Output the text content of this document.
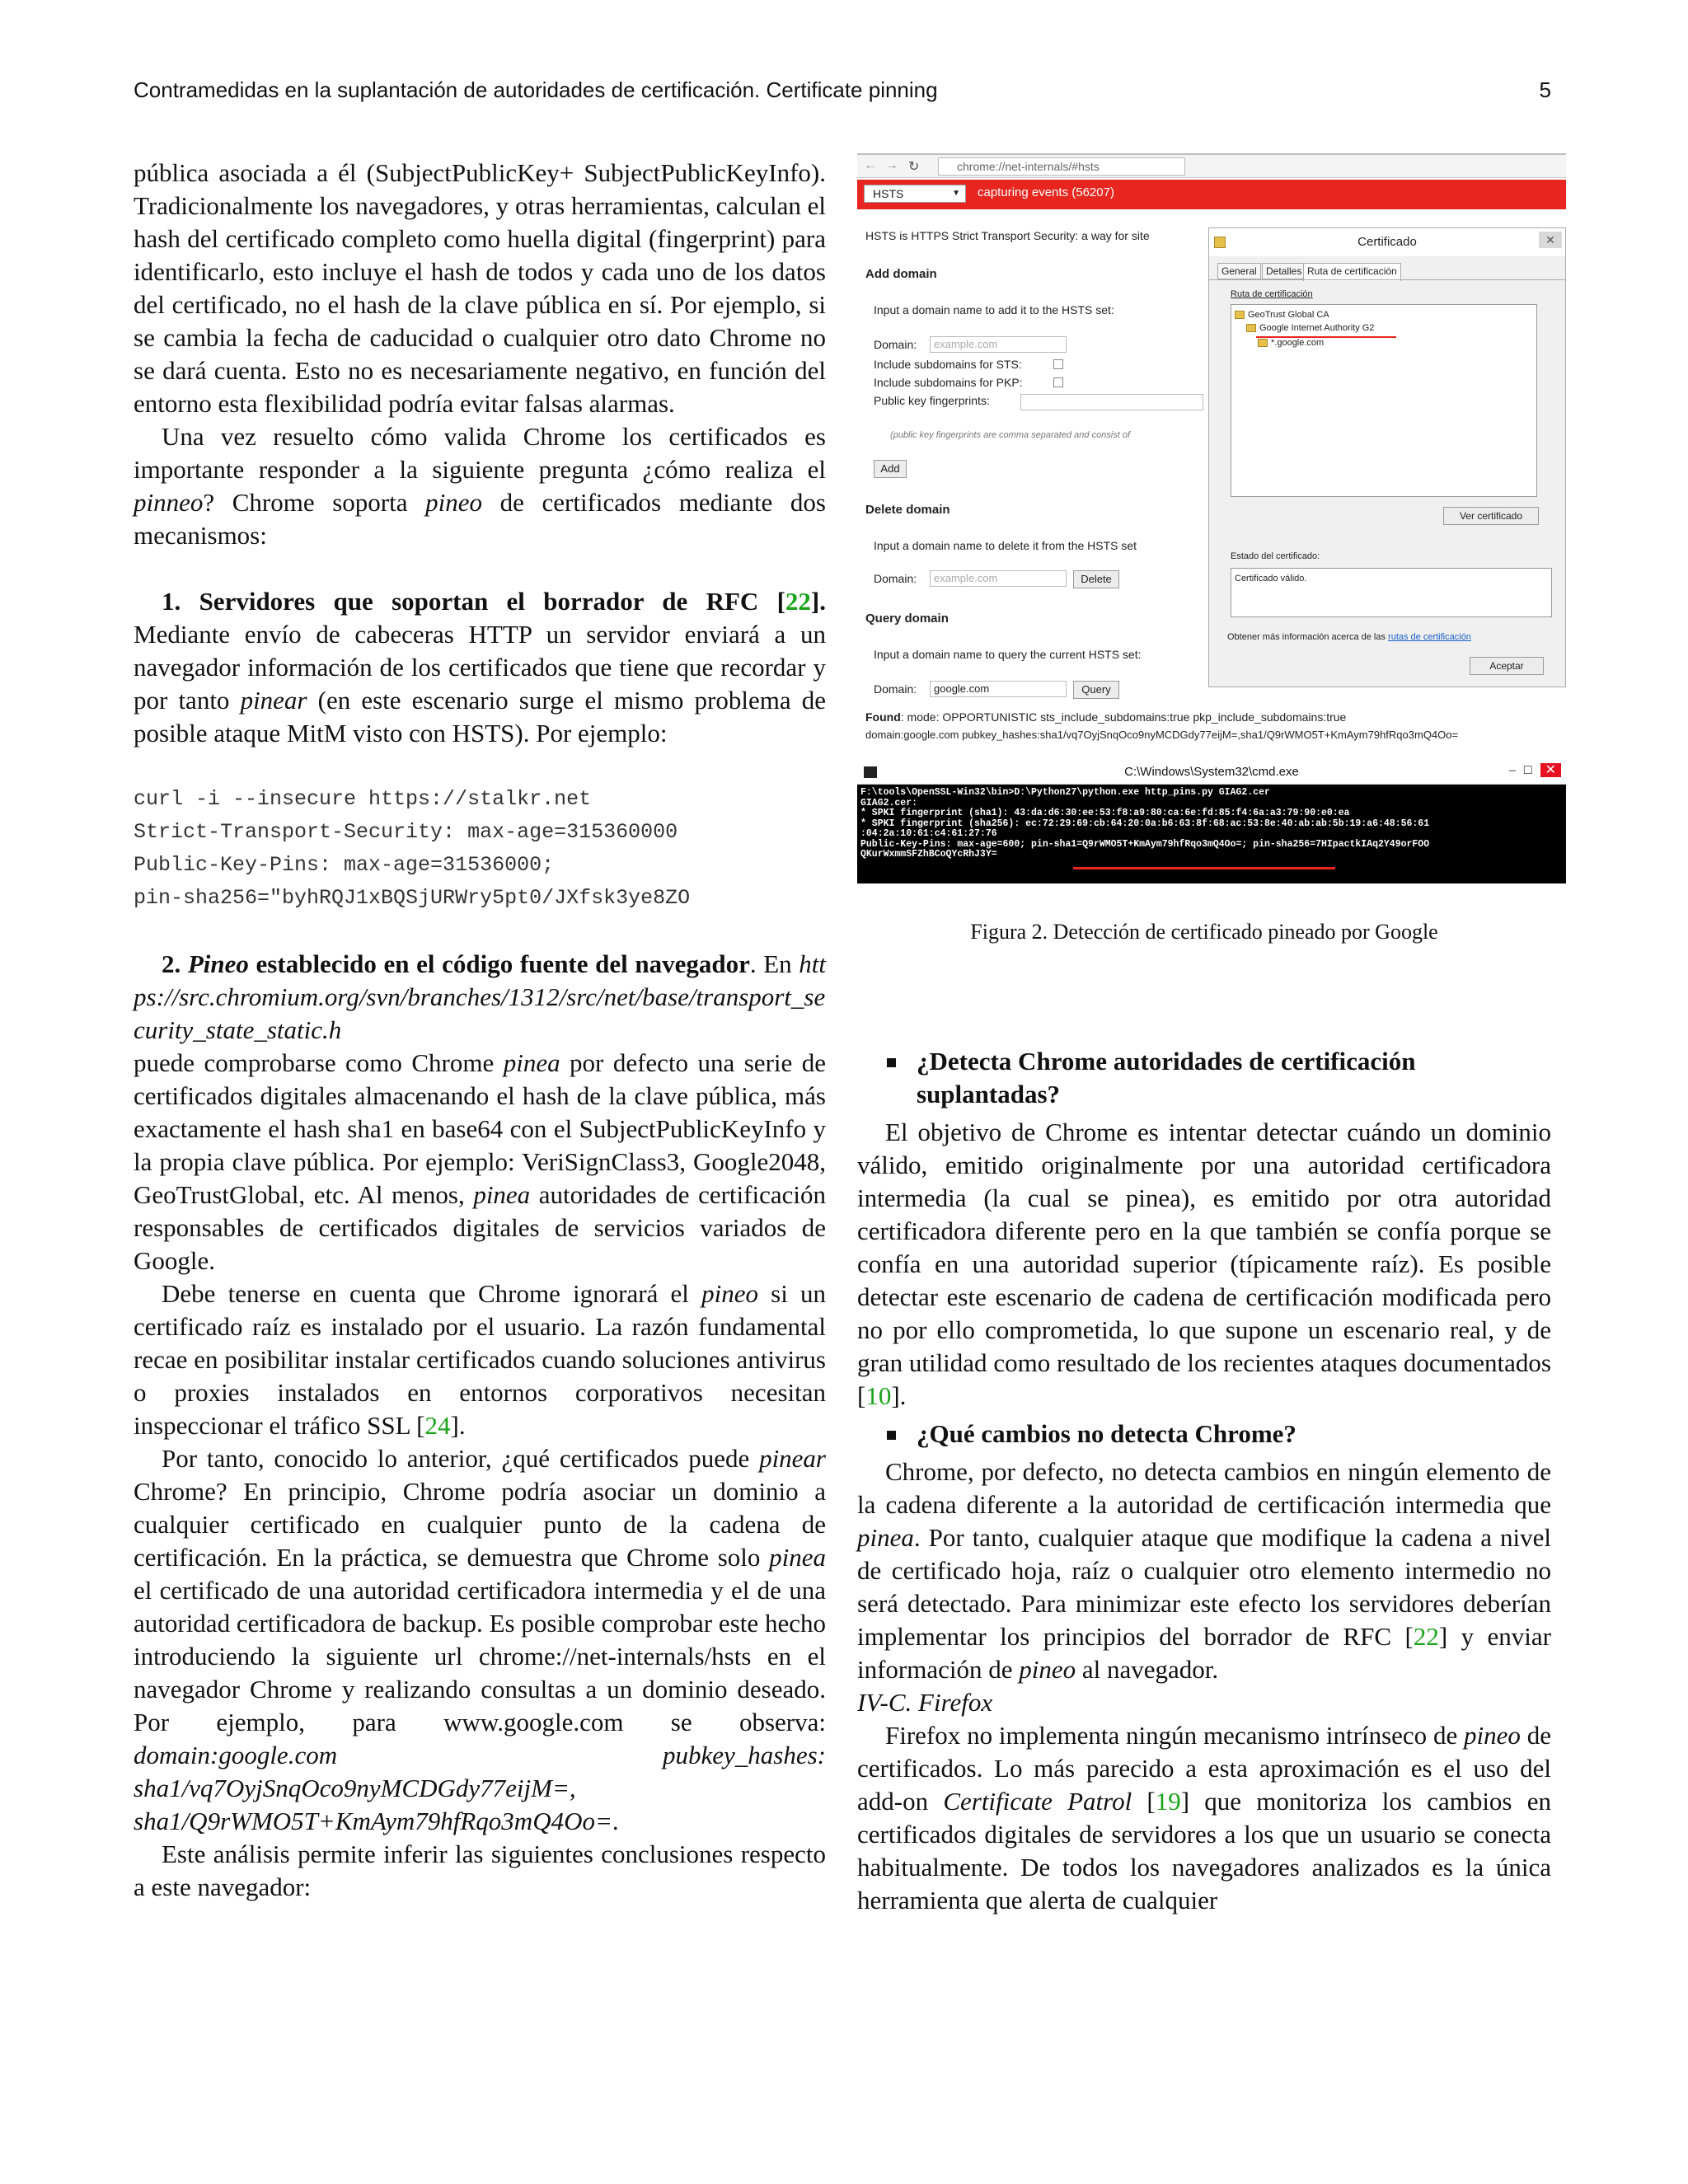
Contramedidas en la suplantación de autoridades de certificación. Certificate pinning	5

pública asociada a él (SubjectPublicKey+ SubjectPublicKeyInfo). Tradicionalmente los navegadores, y otras herramientas, calculan el hash del certificado completo como huella digital (fingerprint) para identificarlo, esto incluye el hash de todos y cada uno de los datos del certificado, no el hash de la clave pública en sí. Por ejemplo, si se cambia la fecha de caducidad o cualquier otro dato Chrome no se dará cuenta. Esto no es necesariamente negativo, en función del entorno esta flexibilidad podría evitar falsas alarmas.

Una vez resuelto cómo valida Chrome los certificados es importante responder a la siguiente pregunta ¿cómo realiza el pinneo? Chrome soporta pineo de certificados mediante dos mecanismos:

1. Servidores que soportan el borrador de RFC [22]. Mediante envío de cabeceras HTTP un servidor enviará a un navegador información de los certificados que tiene que recordar y por tanto pinear (en este escenario surge el mismo problema de posible ataque MitM visto con HSTS). Por ejemplo:

curl -i --insecure https://stalkr.net
Strict-Transport-Security: max-age=315360000
Public-Key-Pins: max-age=31536000;
pin-sha256="byhRQJ1xBQSjURWry5pt0/JXfsk3ye8ZO

2. Pineo establecido en el código fuente del navegador. En https://src.chromium.org/svn/branches/1312/src/net/base/transport_security_state_static.h

puede comprobarse como Chrome pinea por defecto una serie de certificados digitales almacenando el hash de la clave pública, más exactamente el hash sha1 en base64 con el SubjectPublicKeyInfo y la propia clave pública. Por ejemplo: VeriSignClass3, Google2048, GeoTrustGlobal, etc. Al menos, pinea autoridades de certificación responsables de certificados digitales de servicios variados de Google.

Debe tenerse en cuenta que Chrome ignorará el pineo si un certificado raíz es instalado por el usuario. La razón fundamental recae en posibilitar instalar certificados cuando soluciones antivirus o proxies instalados en entornos corporativos necesitan inspeccionar el tráfico SSL [24].

Por tanto, conocido lo anterior, ¿qué certificados puede pinear Chrome? En principio, Chrome podría asociar un dominio a cualquier certificado en cualquier punto de la cadena de certificación. En la práctica, se demuestra que Chrome solo pinea el certificado de una autoridad certificadora intermedia y el de una autoridad certificadora de backup. Es posible comprobar este hecho introduciendo la siguiente url chrome://net-internals/hsts en el navegador Chrome y realizando consultas a un dominio deseado. Por ejemplo, para www.google.com se observa: domain:google.com pubkey_hashes: sha1/vq7OyjSnqOco9nyMCDGdy77eijM=, sha1/Q9rWMO5T+KmAym79hfRqo3mQ4Oo=.

Este análisis permite inferir las siguientes conclusiones respecto a este navegador:

← → ↻	chrome://net-internals/#hsts
HSTS	▼ capturing events (56207)
HSTS is HTTPS Strict Transport Security: a way for site
Add domain
Input a domain name to add it to the HSTS set:
Domain:	example.com
Include subdomains for STS:
Include subdomains for PKP:
Public key fingerprints:
(public key fingerprints are comma separated and consist of
Add
Delete domain
Input a domain name to delete it from the HSTS set
Domain:	example.com	Delete
Query domain
Input a domain name to query the current HSTS set:
Domain:	google.com	Query
Found: mode: OPPORTUNISTIC sts_include_subdomains:true pkp_include_subdomains:true
domain:google.com pubkey_hashes:sha1/vq7OyjSnqOco9nyMCDGdy77eijM=,sha1/Q9rWMO5T+KmAym79hfRqo3mQ4Oo=
Certificado	✕
General Detalles Ruta de certificación
Ruta de certificación
GeoTrust Global CA
Google Internet Authority G2
*.google.com
Ver certificado
Estado del certificado:
Certificado válido.
Obtener más información acerca de las rutas de certificación
Aceptar
C:\Windows\System32\cmd.exe	–□ ✕
F:\tools\OpenSSL-Win32\bin>D:\Python27\python.exe http_pins.py GIAG2.cer
GIAG2.cer:
* SPKI fingerprint (sha1): 43:da:d6:30:ee:53:f8:a9:80:ca:6e:fd:85:f4:6a:a3:79:90:e0:ea
* SPKI fingerprint (sha256): ec:72:29:69:cb:64:20:0a:b6:63:8f:68:ac:53:8e:40:ab:ab:5b:19:a6:48:56:61
:04:2a:10:61:c4:61:27:76
Public-Key-Pins: max-age=600; pin-sha1=Q9rWMO5T+KmAym79hfRqo3mQ4Oo=; pin-sha256=7HIpactkIAq2Y49orFOO
QKurWxmmSFZhBCoQYcRhJ3Y=
Figura 2. Detección de certificado pineado por Google
¿Detecta Chrome autoridades de certificación suplantadas?

El objetivo de Chrome es intentar detectar cuándo un dominio válido, emitido originalmente por una autoridad certificadora intermedia (la cual se pinea), es emitido por otra autoridad certificadora diferente pero en la que también se confía porque se confía en una autoridad superior (típicamente raíz). Es posible detectar este escenario de cadena de certificación modificada pero no por ello comprometida, lo que supone un escenario real, y de gran utilidad como resultado de los recientes ataques documentados [10].

¿Qué cambios no detecta Chrome?

Chrome, por defecto, no detecta cambios en ningún elemento de la cadena diferente a la autoridad de certificación intermedia que pinea. Por tanto, cualquier ataque que modifique la cadena a nivel de certificado hoja, raíz o cualquier otro elemento intermedio no será detectado. Para minimizar este efecto los servidores deberían implementar los principios del borrador de RFC [22] y enviar información de pineo al navegador.

IV-C. Firefox

Firefox no implementa ningún mecanismo intrínseco de pineo de certificados. Lo más parecido a esta aproximación es el uso del add-on Certificate Patrol [19] que monitoriza los cambios en certificados digitales de servidores a los que un usuario se conecta habitualmente. De todos los navegadores analizados es la única herramienta que alerta de cualquier
